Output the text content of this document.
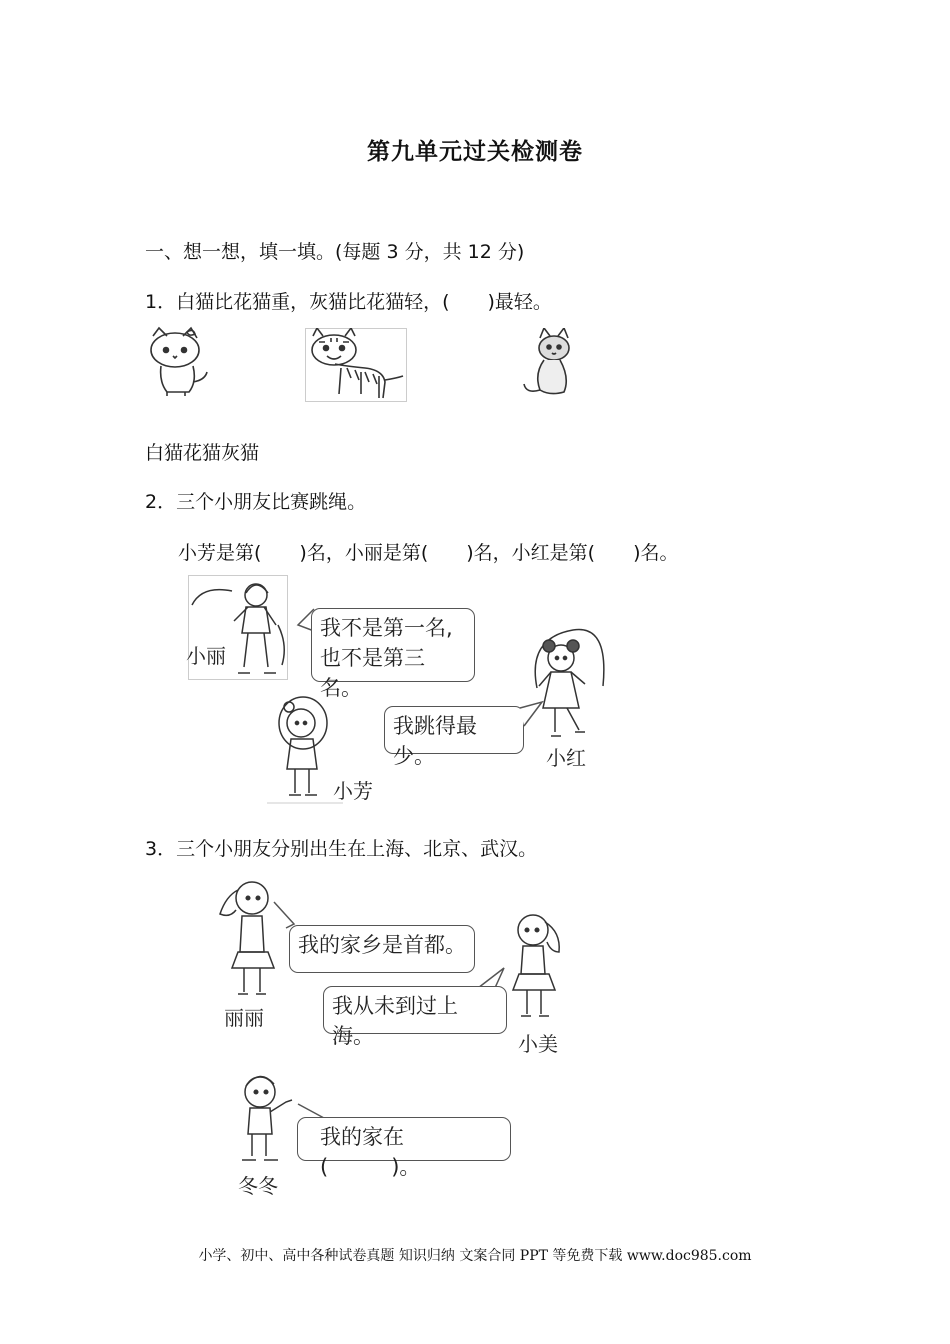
第九单元过关检测卷
一、想一想，填一填。(每题 3 分，共 12 分)
1．白猫比花猫重，灰猫比花猫轻，(　　)最轻。
白猫花猫灰猫
2．三个小朋友比赛跳绳。
小芳是第(　　)名，小丽是第(　　)名，小红是第(　　)名。
小丽
我不是第一名,
也不是第三名。
小芳
我跳得最少。	小红
3．三个小朋友分别出生在上海、北京、武汉。
丽丽
我的家乡是首都。
我从未到过上海。	小美
冬冬
我的家在(　　　)。
小学、初中、高中各种试卷真题 知识归纳 文案合同 PPT 等免费下载 www.doc985.com
